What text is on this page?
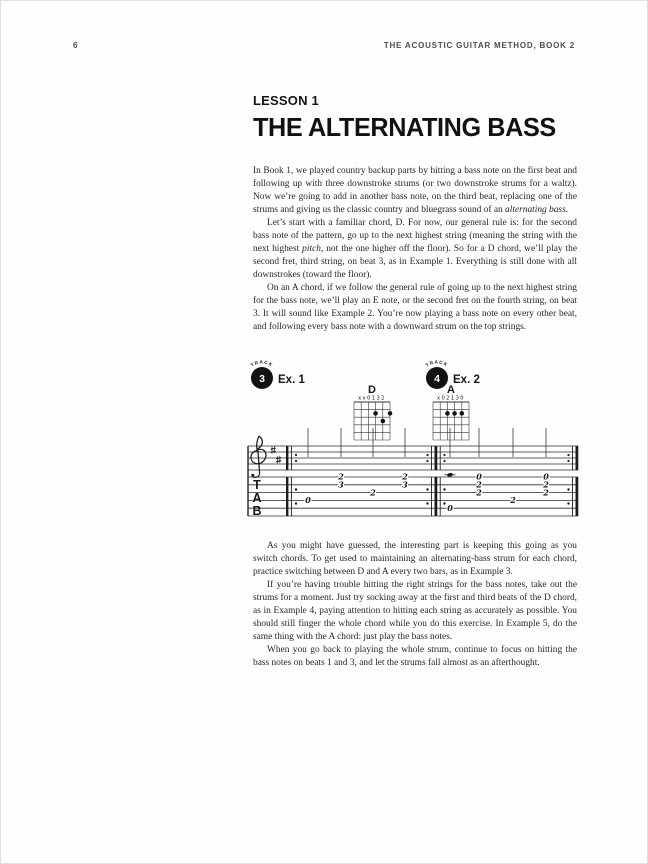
6	THE ACOUSTIC GUITAR METHOD, BOOK 2
LESSON 1
THE ALTERNATING BASS

In Book 1, we played country backup parts by hitting a bass note on the first beat and following up with three downstroke strums (or two downstroke strums for a waltz). Now we’re going to add in another bass note, on the third beat, replacing one of the strums and giving us the classic country and bluegrass sound of an alternating bass.

Let’s start with a familiar chord, D. For now, our general rule is: for the second bass note of the pattern, go up to the next highest string (meaning the string with the next highest pitch, not the one higher off the floor). So for a D chord, we’ll play the second fret, third string, on beat 3, as in Example 1. Everything is still done with all downstrokes (toward the floor).

On an A chord, if we follow the general rule of going up to the next highest string for the bass note, we’ll play an E note, or the second fret on the fourth string, on beat 3. It will sound like Example 2. You’re now playing a bass note on every other beat, and following every bass note with a downward strum on the top strings.

3
TRACK
Ex. 1
D
xx0132
0
2
3
2
2
3
4
TRACK
Ex. 2
A
x02130
0
0
2
2
2
0
2
2
T
A
B

As you might have guessed, the interesting part is keeping this going as you switch chords. To get used to maintaining an alternating-bass strum for each chord, practice switching between D and A every two bars, as in Example 3.

If you’re having trouble hitting the right strings for the bass notes, take out the strums for a moment. Just try socking away at the first and third beats of the D chord, as in Example 4, paying attention to hitting each string as accurately as possible. You should still finger the whole chord while you do this exercise. In Example 5, do the same thing with the A chord: just play the bass notes.

When you go back to playing the whole strum, continue to focus on hitting the bass notes on beats 1 and 3, and let the strums fall almost as an afterthought.
